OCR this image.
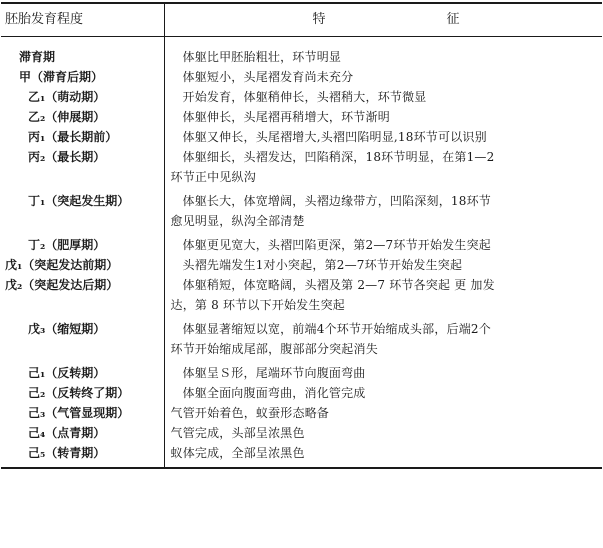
胚胎发育程度	特 征

滞育期	体躯比甲胚胎粗壮，环节明显

甲（滞育后期）	体躯短小，头尾褶发育尚未充分

乙₁（萌动期）	开始发育，体躯稍伸长，头褶稍大，环节微显

乙₂（伸展期）	体躯伸长，头尾褶再稍增大，环节渐明

丙₁（最长期前）	体躯又伸长，头尾褶增大,头褶凹陷明显,18环节可以识别

丙₂（最长期）	体躯细长，头褶发达，凹陷稍深，18环节明显，在第1—2
环节正中见纵沟

丁₁（突起发生期）	体躯长大，体宽增阔，头褶边缘带方，凹陷深刻，18环节
愈见明显，纵沟全部清楚

丁₂（肥厚期）	体躯更见宽大，头褶凹陷更深，第2—7环节开始发生突起

戊₁（突起发达前期）	头褶先端发生1对小突起，第2—7环节开始发生突起

戊₂（突起发达后期）	体躯稍短，体宽略阔，头褶及第 2—7 环节各突起 更 加发
达，第 8 环节以下开始发生突起

戊₃（缩短期）	体躯显著缩短以宽，前端4个环节开始缩成头部，后端2个
环节开始缩成尾部，腹部部分突起消失

己₁（反转期）	体躯呈Ｓ形，尾端环节向腹面弯曲

己₂（反转终了期）	体躯全面向腹面弯曲，消化管完成

己₃（气管显现期）	气管开始着色，蚁蚕形态略备

己₄（点青期）	气管完成，头部呈浓黑色

己₅（转青期）	蚁体完成，全部呈浓黑色
